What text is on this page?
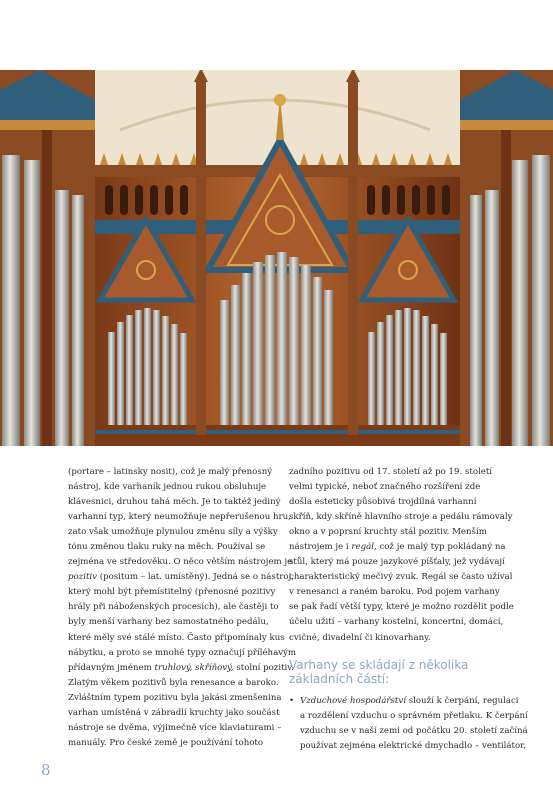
(portare – latinsky nosit), což je malý přenosný

nástroj, kde varhaník jednou rukou obsluhuje

klávesnici, druhou tahá měch. Je to taktéž jediný

varhanní typ, který neumožňuje nepřerušenou hru,

zato však umožňuje plynulou změnu síly a výšky

tónu změnou tlaku ruky na měch. Používal se

zejména ve středověku. O něco větším nástrojem je

pozitiv (positum – lat. umístěný). Jedná se o nástroj,

který mohl být přemístitelný (přenosné pozitivy

hrály při náboženských procesích), ale častěji to

byly menší varhany bez samostatného pedálu,

které měly své stálé místo. Často připomínaly kus

nábytku, a proto se mnohé typy označují příléhavým

přídavným jménem truhlový, skříňový, stolní pozitiv.

Zlatým věkem pozitivů byla renesance a baroko.

Zvláštním typem pozitivu byla jakási zmenšenina

varhan umístěná v zábradlí kruchty jako součást

nástroje se dvěma, výjimečně více klaviaturami –

manuály. Pro české země je používání tohoto

zadního pozitivu od 17. století až po 19. století

velmi typické, neboť značného rozšíření zde

došla esteticky působivá trojdílná varhanní

skříň, kdy skříně hlavního stroje a pedálu rámovaly

okno a v poprsní kruchty stál pozitiv. Menším

nástrojem je i regál, což je malý typ pokládaný na

stůl, který má pouze jazykové píšťaly, jež vydávají

charakteristický mečivý zvuk. Regál se často užíval

v renesanci a raném baroku. Pod pojem varhany

se pak řadí větší typy, které je možno rozdělit podle

účelu užití – varhany kostelní, koncertní, domácí,

cvičné, divadelní či kinovarhany.

Varhany se skládají z několika
základních částí:

• Vzduchové hospodářství slouží k čerpání, regulaci

a rozdělení vzduchu o správném přetlaku. K čerpání

vzduchu se v naší zemi od počátku 20. století začíná

používat zejména elektrické dmychadlo – ventilátor,

8
